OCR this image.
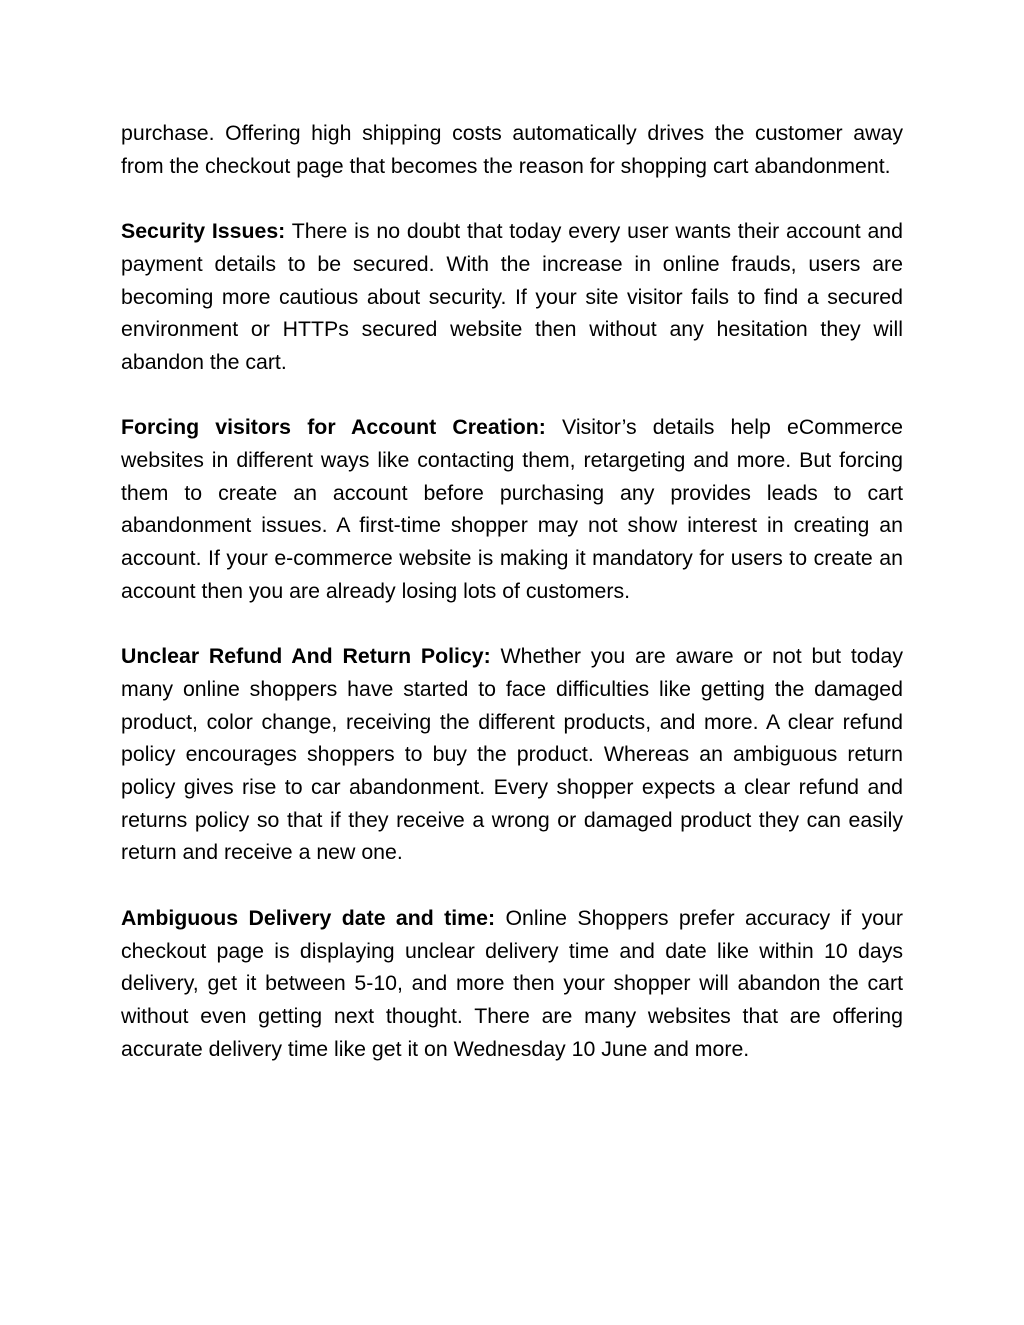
purchase. Offering high shipping costs automatically drives the customer away from the checkout page that becomes the reason for shopping cart abandonment.

Security Issues: There is no doubt that today every user wants their account and payment details to be secured. With the increase in online frauds, users are becoming more cautious about security. If your site visitor fails to find a secured environment or HTTPs secured website then without any hesitation they will abandon the cart.

Forcing visitors for Account Creation: Visitor’s details help eCommerce websites in different ways like contacting them, retargeting and more. But forcing them to create an account before purchasing any provides leads to cart abandonment issues. A first-time shopper may not show interest in creating an account. If your e-commerce website is making it mandatory for users to create an account then you are already losing lots of customers.

Unclear Refund And Return Policy: Whether you are aware or not but today many online shoppers have started to face difficulties like getting the damaged product, color change, receiving the different products, and more. A clear refund policy encourages shoppers to buy the product. Whereas an ambiguous return policy gives rise to car abandonment. Every shopper expects a clear refund and returns policy so that if they receive a wrong or damaged product they can easily return and receive a new one.

Ambiguous Delivery date and time: Online Shoppers prefer accuracy if your checkout page is displaying unclear delivery time and date like within 10 days delivery, get it between 5-10, and more then your shopper will abandon the cart without even getting next thought. There are many websites that are offering accurate delivery time like get it on Wednesday 10 June and more.
